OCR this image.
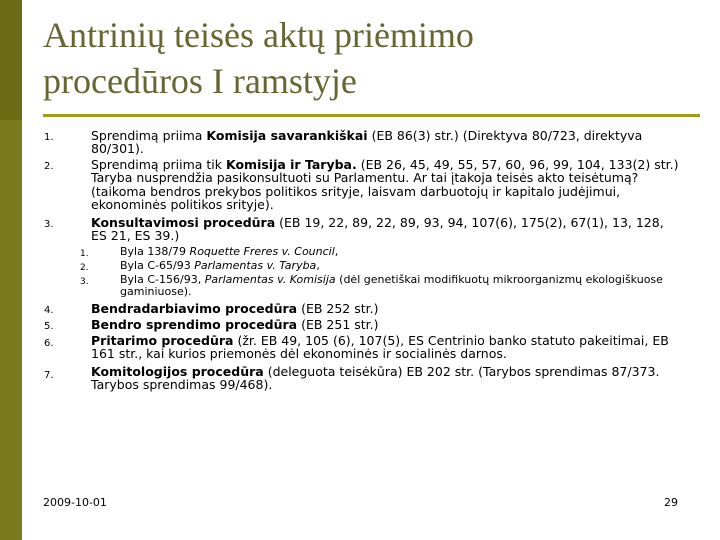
Antrinių teisės aktų priėmimo
procedūros I ramstyje
1.	Sprendimą priima Komisija savarankiškai (EB 86(3) str.) (Direktyva 80/723, direktyva 80/301).
2.	Sprendimą priima tik Komisija ir Taryba. (EB 26, 45, 49, 55, 57, 60, 96, 99, 104, 133(2) str.) Taryba nusprendžia pasikonsultuoti su Parlamentu. Ar tai įtakoja teisės akto teisėtumą? (taikoma bendros prekybos politikos srityje, laisvam darbuotojų ir kapitalo judėjimui, ekonominės politikos srityje).
3.	Konsultavimosi procedūra (EB 19, 22, 89, 22, 89, 93, 94, 107(6), 175(2), 67(1), 13, 128, ES 21, ES 39.)
1.	Byla 138/79 Roquette Freres v. Council,
2.	Byla C-65/93 Parlamentas v. Taryba,
3.	Byla C-156/93, Parlamentas v. Komisija (dėl genetiškai modifikuotų mikroorganizmų ekologiškuose gaminiuose).
4.	Bendradarbiavimo procedūra (EB 252 str.)
5.	Bendro sprendimo procedūra (EB 251 str.)
6.	Pritarimo procedūra (žr. EB 49, 105 (6), 107(5), ES Centrinio banko statuto pakeitimai, EB 161 str., kai kurios priemonės dėl ekonominės ir socialinės darnos.
7.	Komitologijos procedūra (deleguota teisėkūra) EB 202 str. (Tarybos sprendimas 87/373. Tarybos sprendimas 99/468).
2009-10-01	29
